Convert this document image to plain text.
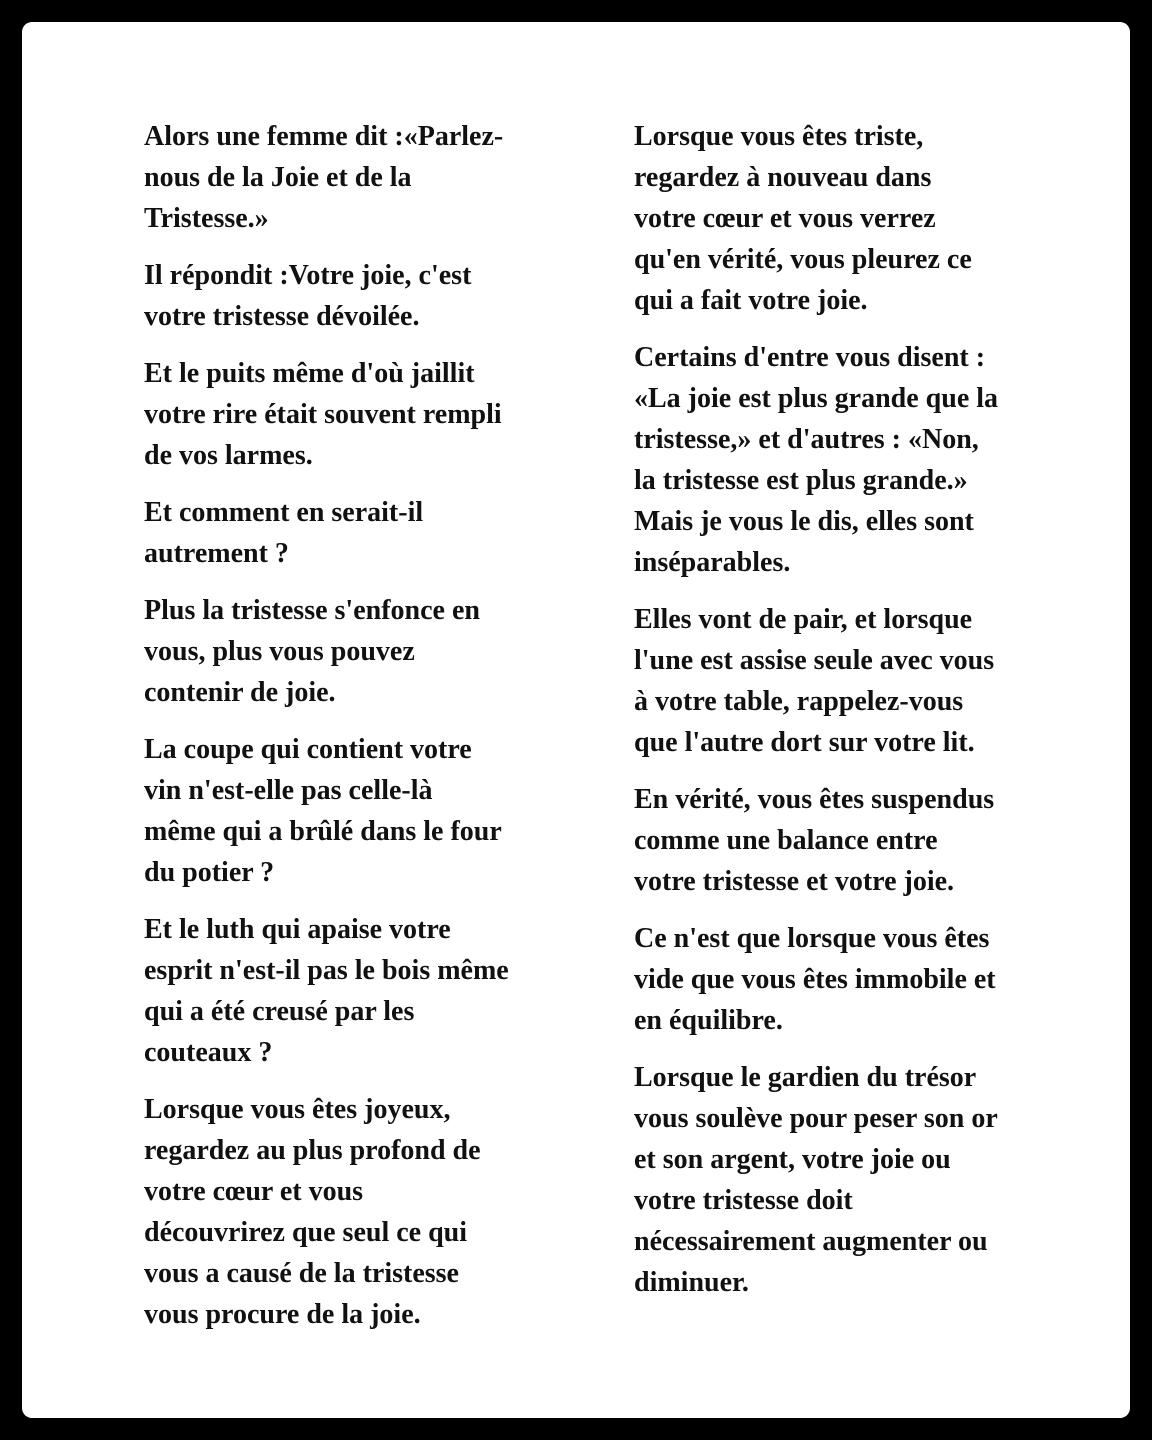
Alors une femme dit :«Parlez-
nous de la Joie et de la
Tristesse.»

Il répondit :Votre joie, c'est
votre tristesse dévoilée.

Et le puits même d'où jaillit
votre rire était souvent rempli
de vos larmes.

Et comment en serait-il
autrement ?

Plus la tristesse s'enfonce en
vous, plus vous pouvez
contenir de joie.

La coupe qui contient votre
vin n'est-elle pas celle-là
même qui a brûlé dans le four
du potier ?

Et le luth qui apaise votre
esprit n'est-il pas le bois même
qui a été creusé par les
couteaux ?

Lorsque vous êtes joyeux,
regardez au plus profond de
votre cœur et vous
découvrirez que seul ce qui
vous a causé de la tristesse
vous procure de la joie.

Lorsque vous êtes triste,
regardez à nouveau dans
votre cœur et vous verrez
qu'en vérité, vous pleurez ce
qui a fait votre joie.

Certains d'entre vous disent :
«La joie est plus grande que la
tristesse,» et d'autres : «Non,
la tristesse est plus grande.»
Mais je vous le dis, elles sont
inséparables.

Elles vont de pair, et lorsque
l'une est assise seule avec vous
à votre table, rappelez-vous
que l'autre dort sur votre lit.

En vérité, vous êtes suspendus
comme une balance entre
votre tristesse et votre joie.

Ce n'est que lorsque vous êtes
vide que vous êtes immobile et
en équilibre.

Lorsque le gardien du trésor
vous soulève pour peser son or
et son argent, votre joie ou
votre tristesse doit
nécessairement augmenter ou
diminuer.
